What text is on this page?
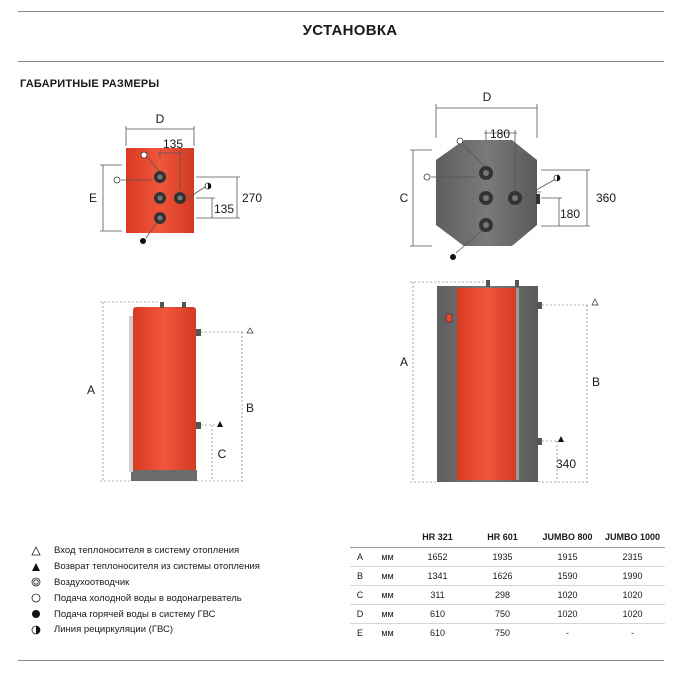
УСТАНОВКА
ГАБАРИТНЫЕ РАЗМЕРЫ
D
135
E	270
135
D
180
C	360
180
A
B
C
A
B
340
Вход теплоносителя в систему отопления
Возврат теплоносителя из системы отопления
Воздухоотводчик
Подача холодной воды в водонагреватель
Подача горячей воды в систему ГВС
Линия рециркуляции (ГВС)
		HR 321	HR 601	JUMBO 800	JUMBO 1000
A	мм	1652	1935	1915	2315
B	мм	1341	1626	1590	1990
C	мм	311	298	1020	1020
D	мм	610	750	1020	1020
E	мм	610	750	-	-
